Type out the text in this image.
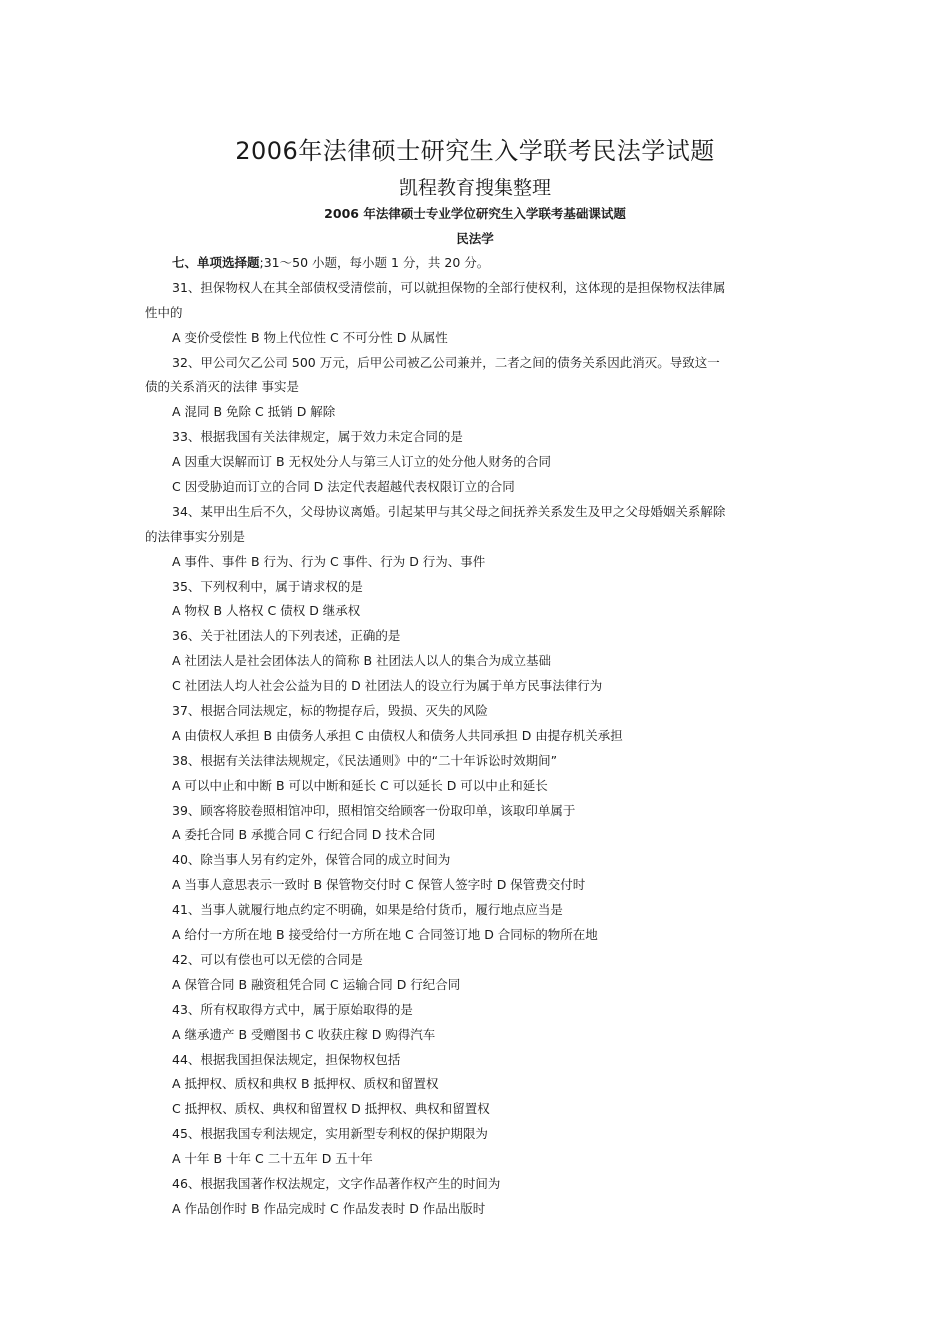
2006年法律硕士研究生入学联考民法学试题
凯程教育搜集整理
2006 年法律硕士专业学位研究生入学联考基础课试题
民法学
七、单项选择题;31～50 小题，每小题 1 分，共 20 分。
31、担保物权人在其全部债权受清偿前，可以就担保物的全部行使权利，这体现的是担保物权法律属
性中的
A 变价受偿性 B 物上代位性 C 不可分性 D 从属性
32、甲公司欠乙公司 500 万元，后甲公司被乙公司兼并，二者之间的债务关系因此消灭。导致这一
债的关系消灭的法律 事实是
A 混同 B 免除 C 抵销 D 解除
33、根据我国有关法律规定，属于效力未定合同的是
A 因重大误解而订 B 无权处分人与第三人订立的处分他人财务的合同
C 因受胁迫而订立的合同 D 法定代表超越代表权限订立的合同
34、某甲出生后不久，父母协议离婚。引起某甲与其父母之间抚养关系发生及甲之父母婚姻关系解除
的法律事实分别是
A 事件、事件 B 行为、行为 C 事件、行为 D 行为、事件
35、下列权利中，属于请求权的是
A 物权 B 人格权 C 债权 D 继承权
36、关于社团法人的下列表述，正确的是
A 社团法人是社会团体法人的简称 B 社团法人以人的集合为成立基础
C 社团法人均人社会公益为目的 D 社团法人的设立行为属于单方民事法律行为
37、根据合同法规定，标的物提存后，毁损、灭失的风险
A 由债权人承担 B 由债务人承担 C 由债权人和债务人共同承担 D 由提存机关承担
38、根据有关法律法规规定，《民法通则》中的“二十年诉讼时效期间”
A 可以中止和中断 B 可以中断和延长 C 可以延长 D 可以中止和延长
39、顾客将胶卷照相馆冲印，照相馆交给顾客一份取印单，该取印单属于
A 委托合同 B 承揽合同 C 行纪合同 D 技术合同
40、除当事人另有约定外，保管合同的成立时间为
A 当事人意思表示一致时 B 保管物交付时 C 保管人签字时 D 保管费交付时
41、当事人就履行地点约定不明确，如果是给付货币，履行地点应当是
A 给付一方所在地 B 接受给付一方所在地 C 合同签订地 D 合同标的物所在地
42、可以有偿也可以无偿的合同是
A 保管合同 B 融资租凭合同 C 运输合同 D 行纪合同
43、所有权取得方式中，属于原始取得的是
A 继承遗产 B 受赠图书 C 收获庄稼 D 购得汽车
44、根据我国担保法规定，担保物权包括
A 抵押权、质权和典权 B 抵押权、质权和留置权
C 抵押权、质权、典权和留置权 D 抵押权、典权和留置权
45、根据我国专利法规定，实用新型专利权的保护期限为
A 十年 B 十年 C 二十五年 D 五十年
46、根据我国著作权法规定，文字作品著作权产生的时间为
A 作品创作时 B 作品完成时 C 作品发表时 D 作品出版时
